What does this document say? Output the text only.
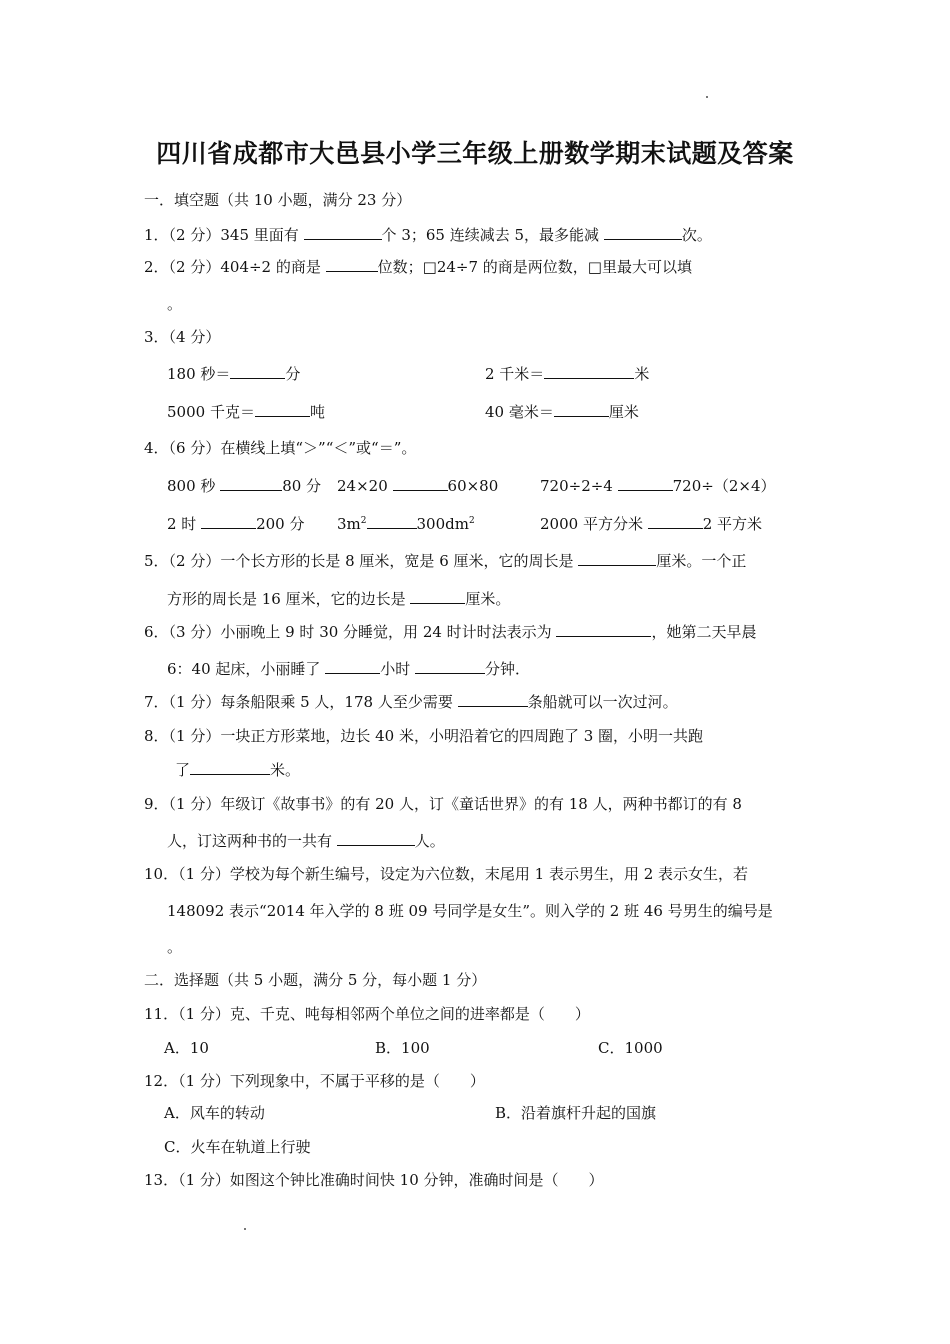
四川省成都市大邑县小学三年级上册数学期末试题及答案
一．填空题（共 10 小题，满分 23 分）
1．（2 分）345 里面有	个 3；65 连续减去 5，最多能减	次。
2．（2 分）404÷2 的商是	位数；□24÷7 的商是两位数，□里最大可以填
。
3．（4 分）
180 秒＝	分	2 千米＝	米
5000 千克＝	吨	40 毫米＝	厘米
4．（6 分）在横线上填“＞”“＜”或“＝”。
800 秒	80 分 24×20	60×80	720÷2÷4	720÷（2×4）
2 时	200 分 $3m^2$	$300dm^2$	2000 平方分米	2 平方米
5．（2 分）一个长方形的长是 8 厘米，宽是 6 厘米，它的周长是	厘米。一个正
方形的周长是 16 厘米，它的边长是	厘米。
6．（3 分）小丽晚上 9 时 30 分睡觉，用 24 时计时法表示为	，她第二天早晨
6：40 起床，小丽睡了	小时	分钟．
7．（1 分）每条船限乘 5 人，178 人至少需要	条船就可以一次过河。
8．（1 分）一块正方形菜地，边长 40 米，小明沿着它的四周跑了 3 圈，小明一共跑
了	米。
9．（1 分）年级订《故事书》的有 20 人，订《童话世界》的有 18 人，两种书都订的有 8
人，订这两种书的一共有	人。
10．（1 分）学校为每个新生编号，设定为六位数，末尾用 1 表示男生，用 2 表示女生，若
148092 表示“2014 年入学的 8 班 09 号同学是女生”。则入学的 2 班 46 号男生的编号是
。
二．选择题（共 5 小题，满分 5 分，每小题 1 分）
11．（1 分）克、千克、吨每相邻两个单位之间的进率都是（　　）
A．10	B．100	C．1000
12．（1 分）下列现象中，不属于平移的是（　　）
A．风车的转动	B．沿着旗杆升起的国旗
C．火车在轨道上行驶
13．（1 分）如图这个钟比准确时间快 10 分钟，准确时间是（　　）
